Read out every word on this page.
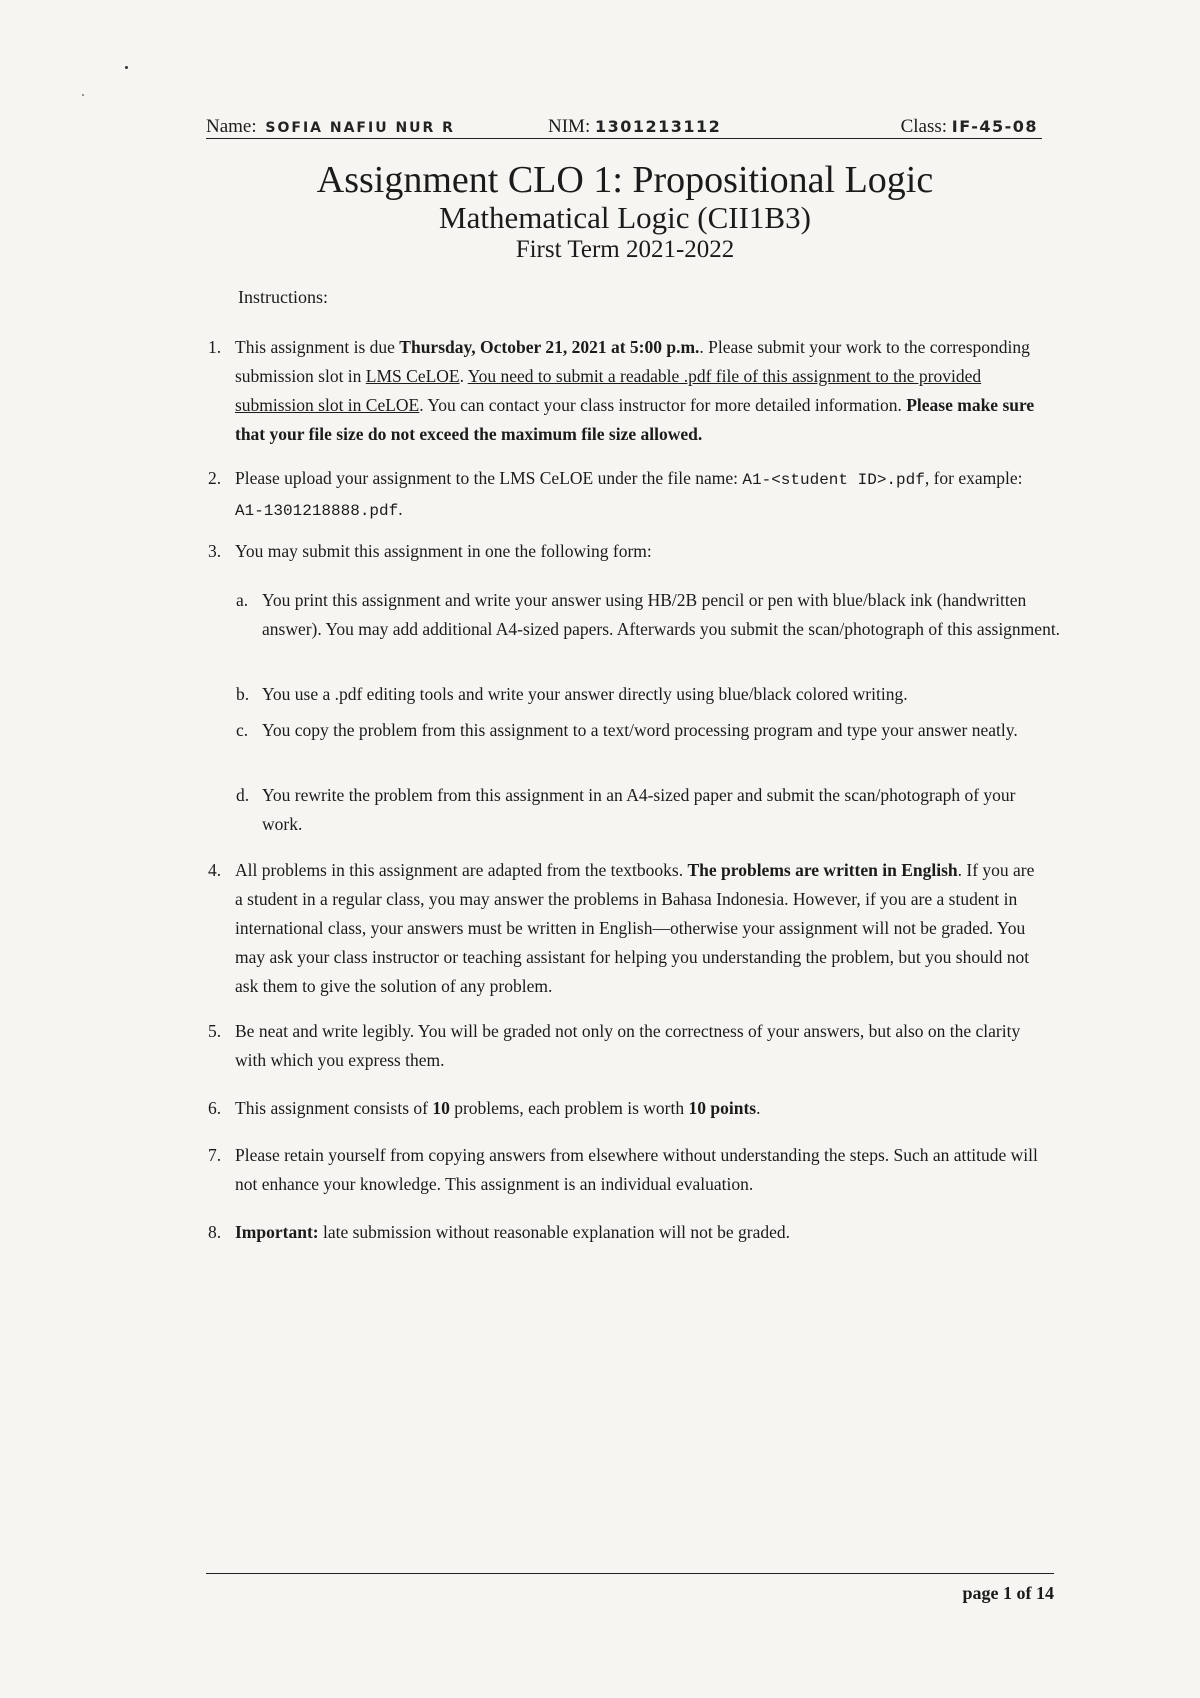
Name: SOFIA NAFIU NUR R	NIM: 1301213112	Class: IF-45-08
Assignment CLO 1: Propositional Logic
Mathematical Logic (CII1B3)
First Term 2021-2022
Instructions:
1. This assignment is due Thursday, October 21, 2021 at 5:00 p.m.. Please submit your work to the corresponding submission slot in LMS CeLOE. You need to submit a readable .pdf file of this assignment to the provided submission slot in CeLOE. You can contact your class instructor for more detailed information. Please make sure that your file size do not exceed the maximum file size allowed.

2. Please upload your assignment to the LMS CeLOE under the file name: A1-<student ID>.pdf, for example: A1-1301218888.pdf.

3. You may submit this assignment in one the following form:

a. You print this assignment and write your answer using HB/2B pencil or pen with blue/black ink (handwritten answer). You may add additional A4-sized papers. Afterwards you submit the scan/photograph of this assignment.
b. You use a .pdf editing tools and write your answer directly using blue/black colored writing.
c. You copy the problem from this assignment to a text/word processing program and type your answer neatly.
d. You rewrite the problem from this assignment in an A4-sized paper and submit the scan/photograph of your work.
4. All problems in this assignment are adapted from the textbooks. The problems are written in English. If you are a student in a regular class, you may answer the problems in Bahasa Indonesia. However, if you are a student in international class, your answers must be written in English—otherwise your assignment will not be graded. You may ask your class instructor or teaching assistant for helping you understanding the problem, but you should not ask them to give the solution of any problem.

5. Be neat and write legibly. You will be graded not only on the correctness of your answers, but also on the clarity with which you express them.
6. This assignment consists of 10 problems, each problem is worth 10 points.

7. Please retain yourself from copying answers from elsewhere without understanding the steps. Such an attitude will not enhance your knowledge. This assignment is an individual evaluation.
8. Important: late submission without reasonable explanation will not be graded.

page 1 of 14
